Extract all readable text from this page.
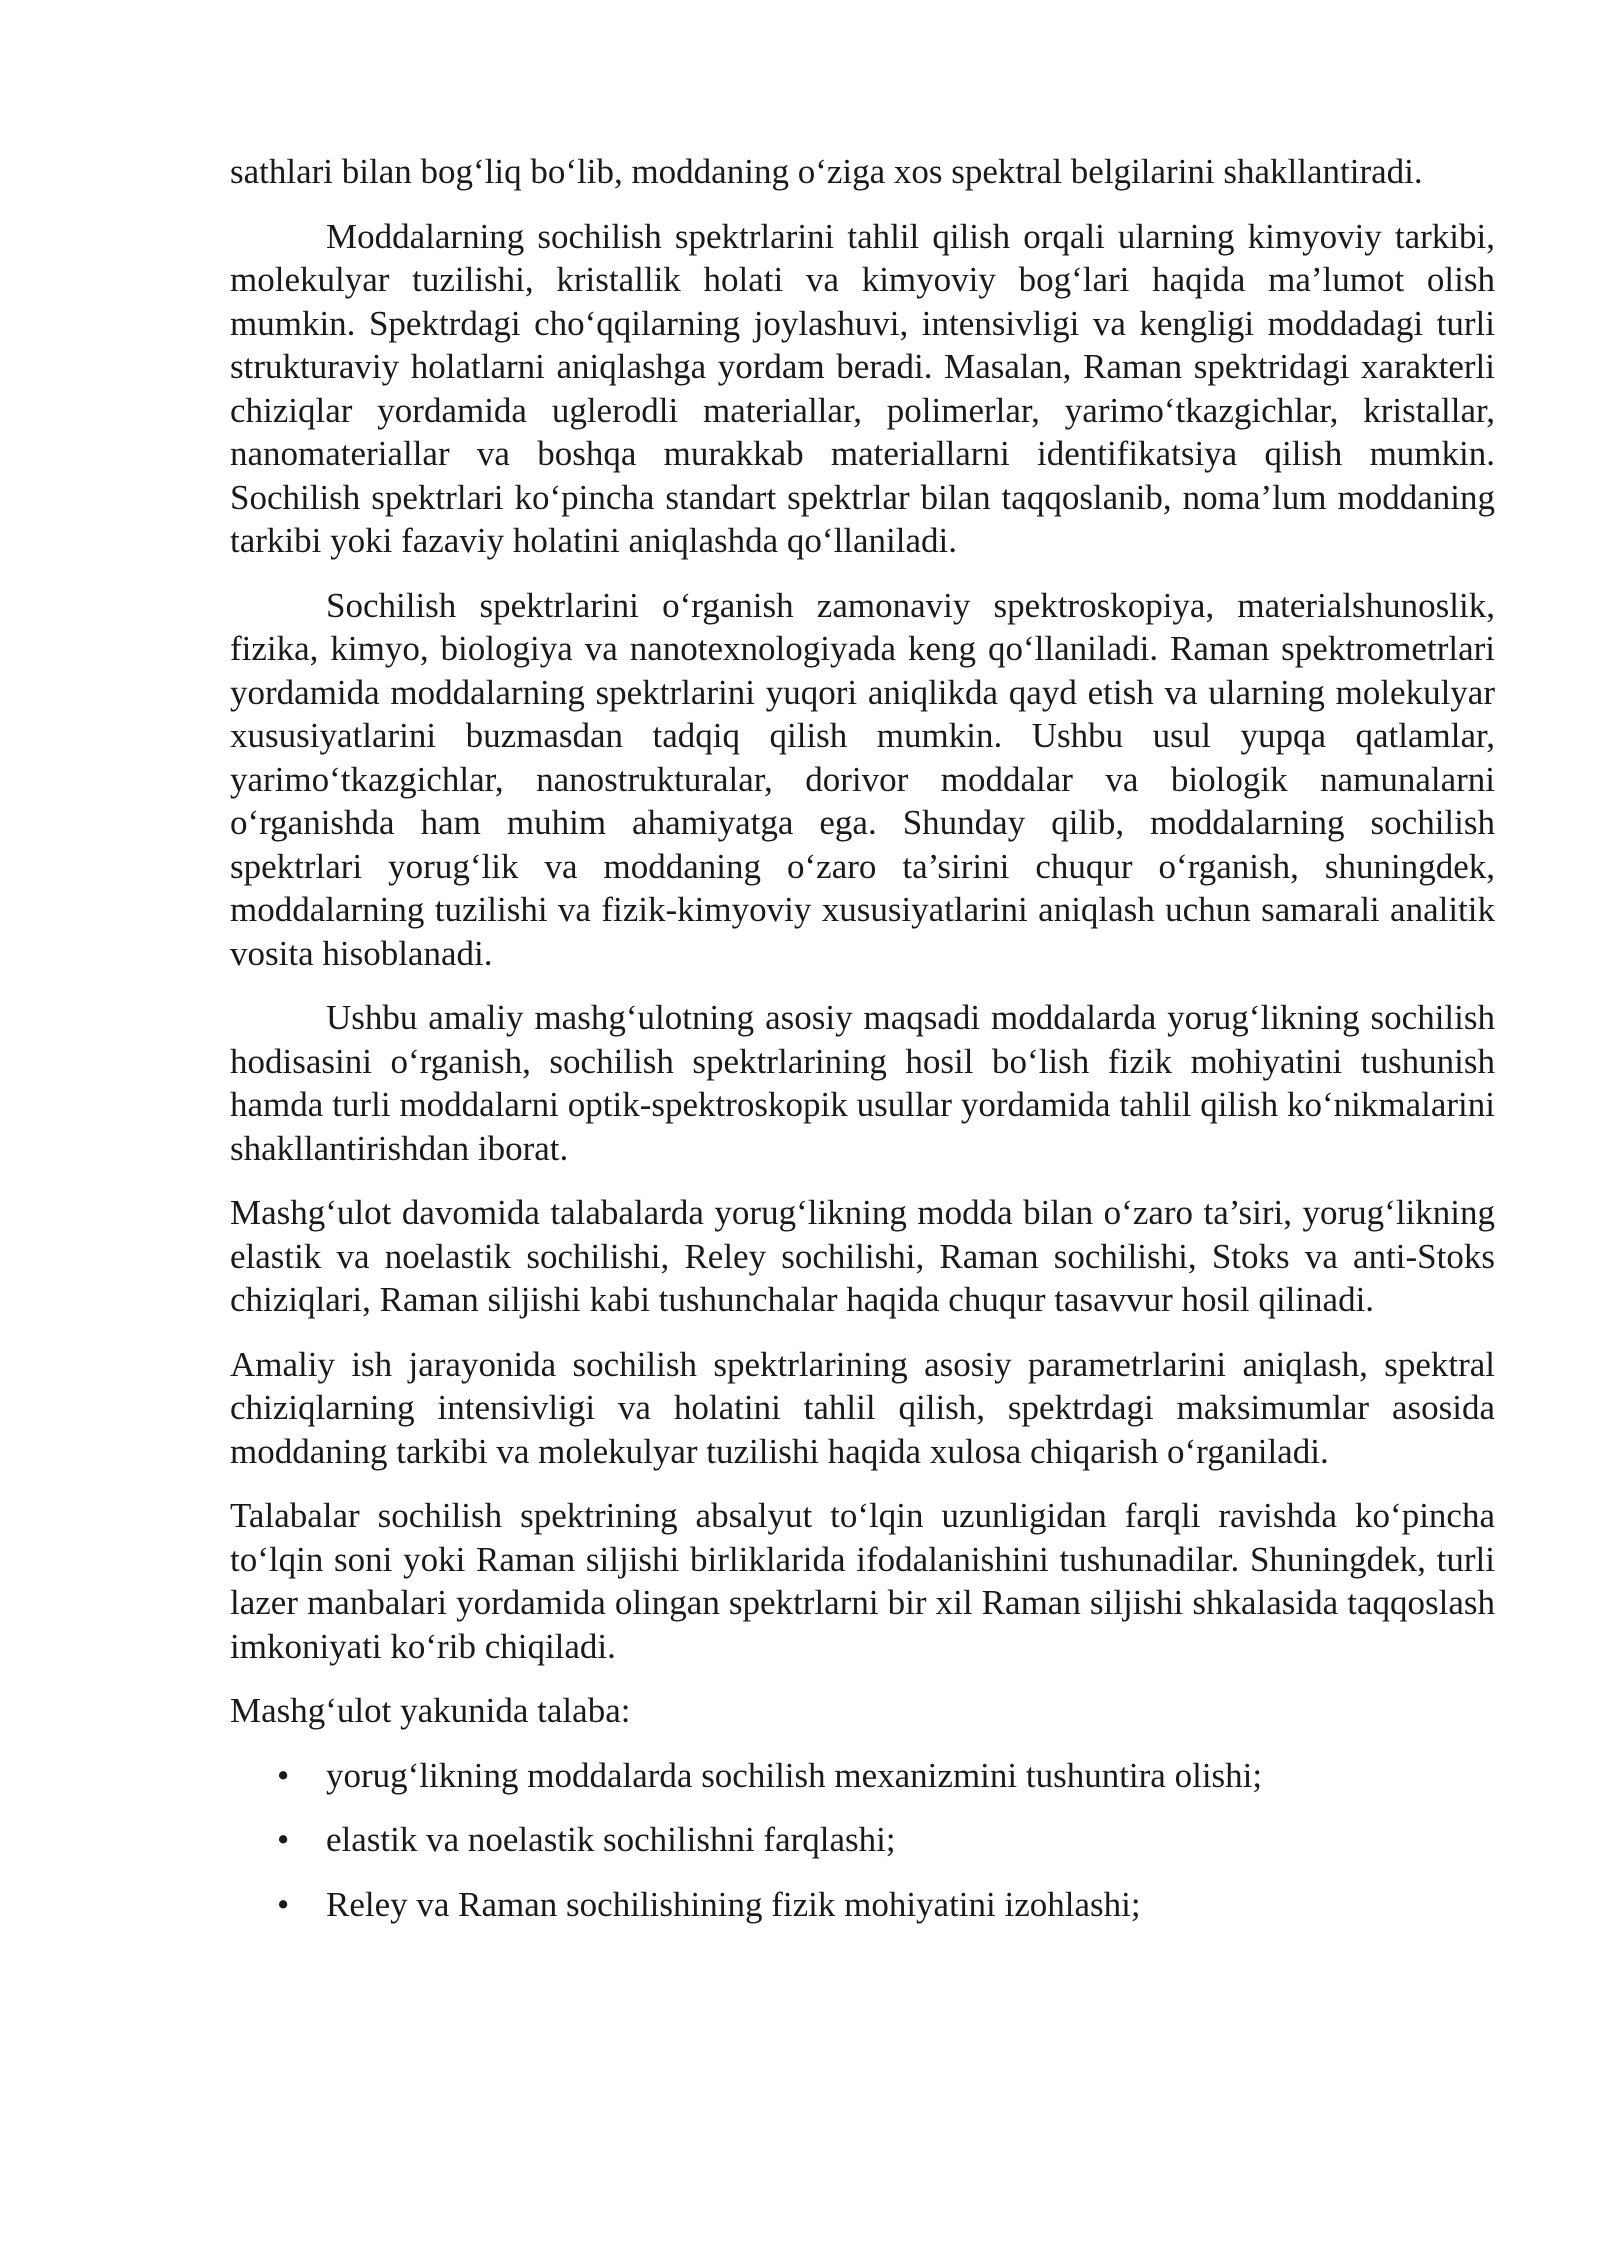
sathlari bilan bog‘liq bo‘lib, moddaning o‘ziga xos spektral belgilarini shakllantiradi.

Moddalarning sochilish spektrlarini tahlil qilish orqali ularning kimyoviy tarkibi, molekulyar tuzilishi, kristallik holati va kimyoviy bog‘lari haqida ma’lumot olish mumkin. Spektrdagi cho‘qqilarning joylashuvi, intensivligi va kengligi moddadagi turli strukturaviy holatlarni aniqlashga yordam beradi. Masalan, Raman spektridagi xarakterli chiziqlar yordamida uglerodli materiallar, polimerlar, yarimo‘tkazgichlar, kristallar, nanomateriallar va boshqa murakkab materiallarni identifikatsiya qilish mumkin. Sochilish spektrlari ko‘pincha standart spektrlar bilan taqqoslanib, noma’lum moddaning tarkibi yoki fazaviy holatini aniqlashda qo‘llaniladi.

Sochilish spektrlarini o‘rganish zamonaviy spektroskopiya, materialshunoslik, fizika, kimyo, biologiya va nanotexnologiyada keng qo‘llaniladi. Raman spektrometrlari yordamida moddalarning spektrlarini yuqori aniqlikda qayd etish va ularning molekulyar xususiyatlarini buzmasdan tadqiq qilish mumkin. Ushbu usul yupqa qatlamlar, yarimo‘tkazgichlar, nanostrukturalar, dorivor moddalar va biologik namunalarni o‘rganishda ham muhim ahamiyatga ega. Shunday qilib, moddalarning sochilish spektrlari yorug‘lik va moddaning o‘zaro ta’sirini chuqur o‘rganish, shuningdek, moddalarning tuzilishi va fizik-kimyoviy xususiyatlarini aniqlash uchun samarali analitik vosita hisoblanadi.

Ushbu amaliy mashg‘ulotning asosiy maqsadi moddalarda yorug‘likning sochilish hodisasini o‘rganish, sochilish spektrlarining hosil bo‘lish fizik mohiyatini tushunish hamda turli moddalarni optik-spektroskopik usullar yordamida tahlil qilish ko‘nikmalarini shakllantirishdan iborat.

Mashg‘ulot davomida talabalarda yorug‘likning modda bilan o‘zaro ta’siri, yorug‘likning elastik va noelastik sochilishi, Reley sochilishi, Raman sochilishi, Stoks va anti-Stoks chiziqlari, Raman siljishi kabi tushunchalar haqida chuqur tasavvur hosil qilinadi.

Amaliy ish jarayonida sochilish spektrlarining asosiy parametrlarini aniqlash, spektral chiziqlarning intensivligi va holatini tahlil qilish, spektrdagi maksimumlar asosida moddaning tarkibi va molekulyar tuzilishi haqida xulosa chiqarish o‘rganiladi.

Talabalar sochilish spektrining absalyut to‘lqin uzunligidan farqli ravishda ko‘pincha to‘lqin soni yoki Raman siljishi birliklarida ifodalanishini tushunadilar. Shuningdek, turli lazer manbalari yordamida olingan spektrlarni bir xil Raman siljishi shkalasida taqqoslash imkoniyati ko‘rib chiqiladi.

Mashg‘ulot yakunida talaba:

• yorug‘likning moddalarda sochilish mexanizmini tushuntira olishi;
• elastik va noelastik sochilishni farqlashi;
• Reley va Raman sochilishining fizik mohiyatini izohlashi;
